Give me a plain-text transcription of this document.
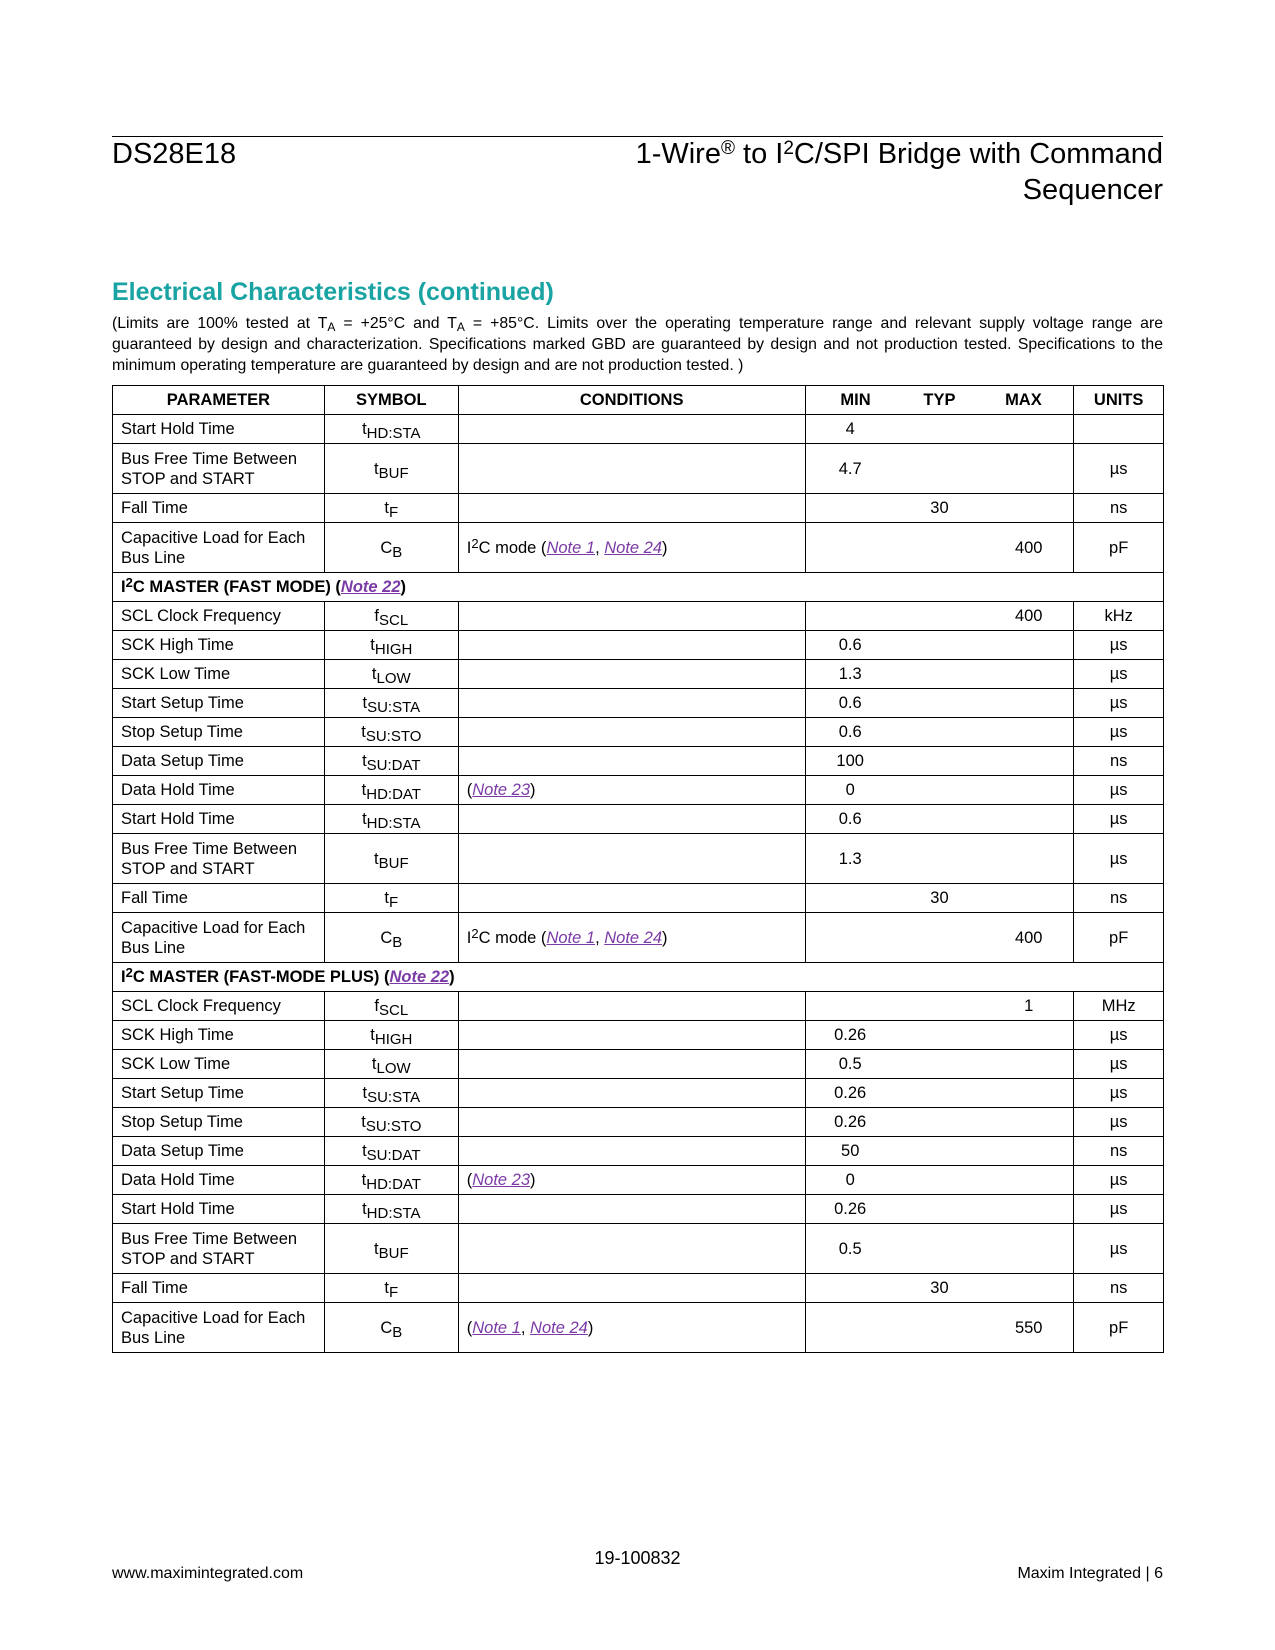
DS28E18	1-Wire® to $I^2C$/SPI Bridge with Command
Sequencer
Electrical Characteristics (continued)
(Limits are 100% tested at $T_A = +25^\circ C$ and $T_A = +85^\circ C$. Limits over the operating temperature range and relevant supply voltage range are guaranteed by design and characterization. Specifications marked GBD are guaranteed by design and not production tested. Specifications to the minimum operating temperature are guaranteed by design and are not production tested. )
PARAMETER	SYMBOL	CONDITIONS	MIN TYP MAX	UNITS
Start Hold Time	$t_{HD:STA}$		4	

Bus Free Time Between STOP and START	$t_{BUF}$		4.7	µs
Fall Time	$t_F$		30	ns
Capacitive Load for Each Bus Line	$C_B$	$I^2C$ mode (Note 1, Note 24)	400	pF
$I^2C$ MASTER (FAST MODE) (Note 22)				
SCL Clock Frequency	$f_{SCL}$		400	kHz
SCK High Time	$t_{HIGH}$		0.6	µs
SCK Low Time	$t_{LOW}$		1.3	µs
Start Setup Time	$t_{SU:STA}$		0.6	µs
Stop Setup Time	$t_{SU:STO}$		0.6	µs
Data Setup Time	$t_{SU:DAT}$		100	ns
Data Hold Time	$t_{HD:DAT}$	(Note 23)	0	µs
Start Hold Time	$t_{HD:STA}$		0.6	µs
Bus Free Time Between STOP and START	$t_{BUF}$		1.3	µs
Fall Time	$t_F$		30	ns
Capacitive Load for Each Bus Line	$C_B$	$I^2C$ mode (Note 1, Note 24)	400	pF
$I^2C$ MASTER (FAST-MODE PLUS) (Note 22)				
SCL Clock Frequency	$f_{SCL}$		1	MHz
SCK High Time	$t_{HIGH}$		0.26	µs
SCK Low Time	$t_{LOW}$		0.5	µs
Start Setup Time	$t_{SU:STA}$		0.26	µs
Stop Setup Time	$t_{SU:STO}$		0.26	µs
Data Setup Time	$t_{SU:DAT}$		50	ns
Data Hold Time	$t_{HD:DAT}$	(Note 23)	0	µs
Start Hold Time	$t_{HD:STA}$		0.26	µs
Bus Free Time Between STOP and START	$t_{BUF}$		0.5	µs
Fall Time	$t_F$		30	ns
Capacitive Load for Each Bus Line	$C_B$	(Note 1, Note 24)	550	pF
19-100832
www.maximintegrated.com	Maxim Integrated | 6
